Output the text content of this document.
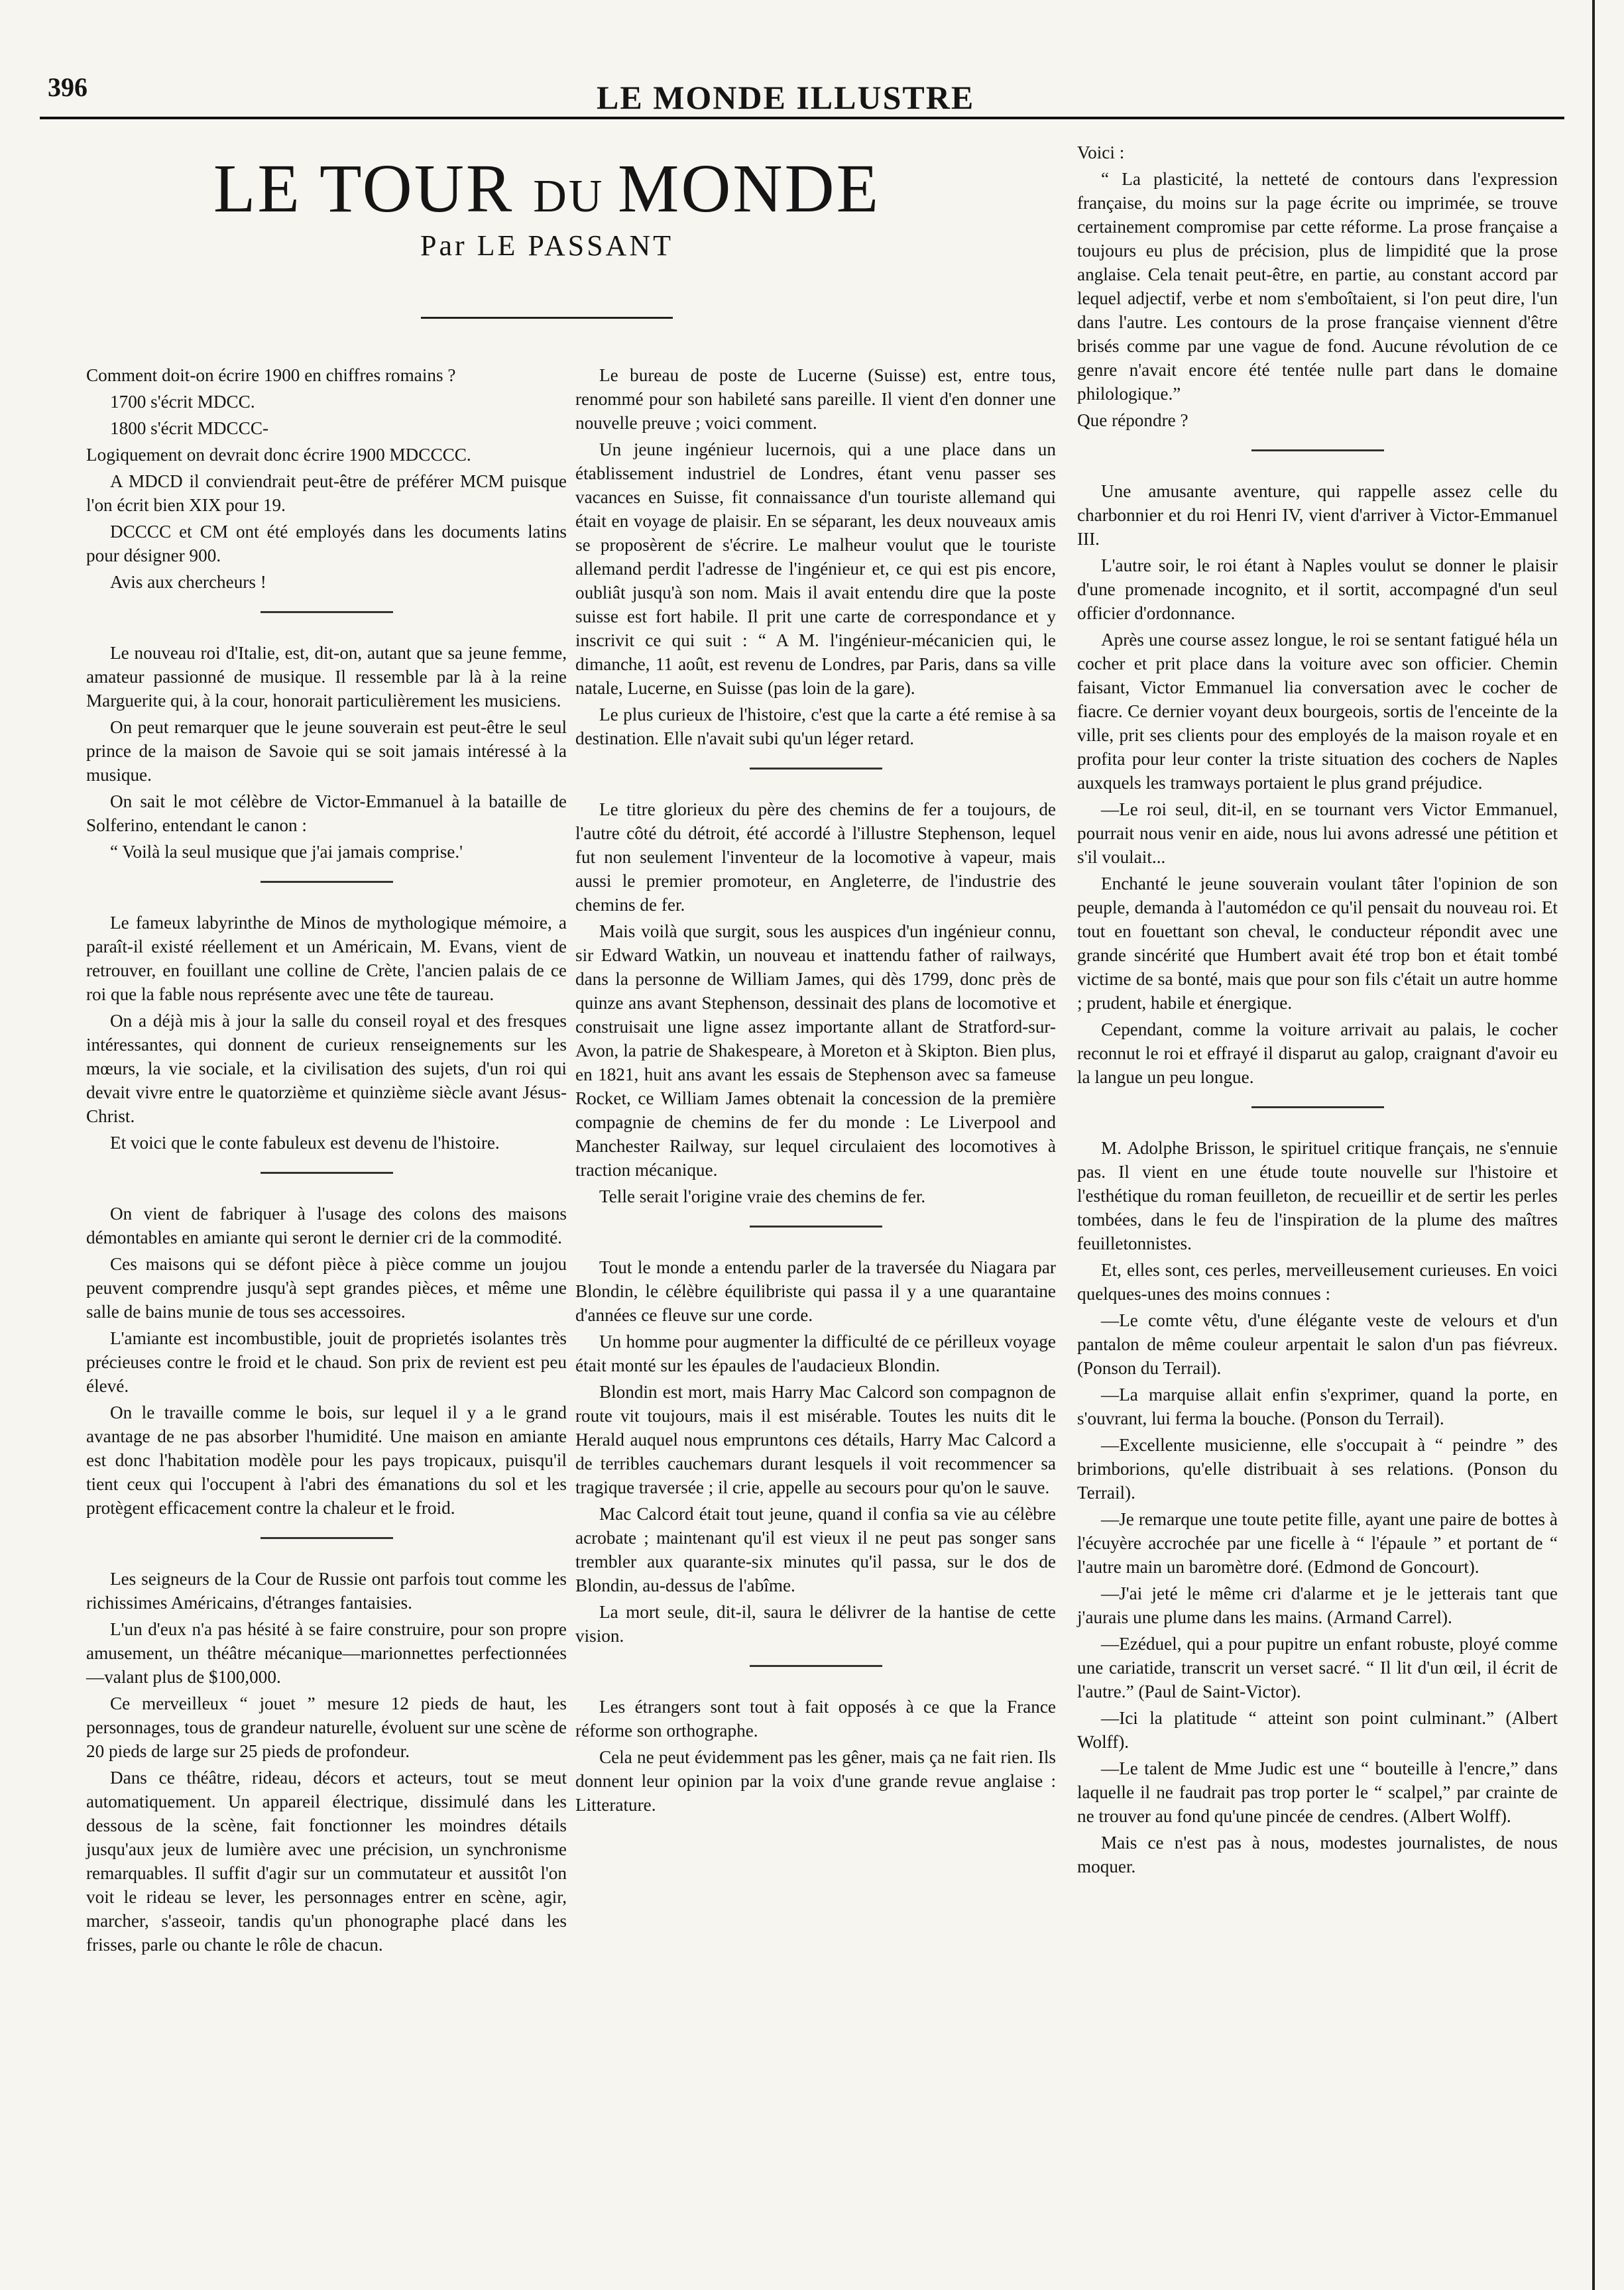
396	LE MONDE ILLUSTRE
LE TOUR DU MONDE
Par LE PASSANT

Comment doit-on écrire 1900 en chiffres romains ?

1700 s'écrit MDCC.

1800 s'écrit MDCCC-

Logiquement on devrait donc écrire 1900 MDCCCC.

A MDCD il conviendrait peut-être de préférer MCM puisque l'on écrit bien XIX pour 19.

DCCCC et CM ont été employés dans les documents latins pour désigner 900.

Avis aux chercheurs !

Le nouveau roi d'Italie, est, dit-on, autant que sa jeune femme, amateur passionné de musique. Il ressemble par là à la reine Marguerite qui, à la cour, honorait particulièrement les musiciens.

On peut remarquer que le jeune souverain est peut-être le seul prince de la maison de Savoie qui se soit jamais intéressé à la musique.

On sait le mot célèbre de Victor-Emmanuel à la bataille de Solferino, entendant le canon :

“ Voilà la seul musique que j'ai jamais comprise.'

Le fameux labyrinthe de Minos de mythologique mémoire, a paraît-il existé réellement et un Américain, M. Evans, vient de retrouver, en fouillant une colline de Crète, l'ancien palais de ce roi que la fable nous représente avec une tête de taureau.

On a déjà mis à jour la salle du conseil royal et des fresques intéressantes, qui donnent de curieux renseignements sur les mœurs, la vie sociale, et la civilisation des sujets, d'un roi qui devait vivre entre le quatorzième et quinzième siècle avant Jésus-Christ.

Et voici que le conte fabuleux est devenu de l'histoire.

On vient de fabriquer à l'usage des colons des maisons démontables en amiante qui seront le dernier cri de la commodité.

Ces maisons qui se défont pièce à pièce comme un joujou peuvent comprendre jusqu'à sept grandes pièces, et même une salle de bains munie de tous ses accessoires.

L'amiante est incombustible, jouit de proprietés isolantes très précieuses contre le froid et le chaud. Son prix de revient est peu élevé.

On le travaille comme le bois, sur lequel il y a le grand avantage de ne pas absorber l'humidité. Une maison en amiante est donc l'habitation modèle pour les pays tropicaux, puisqu'il tient ceux qui l'occupent à l'abri des émanations du sol et les protègent efficacement contre la chaleur et le froid.

Les seigneurs de la Cour de Russie ont parfois tout comme les richissimes Américains, d'étranges fantaisies.

L'un d'eux n'a pas hésité à se faire construire, pour son propre amusement, un théâtre mécanique—marionnettes perfectionnées—valant plus de $100,000.

Ce merveilleux “ jouet ” mesure 12 pieds de haut, les personnages, tous de grandeur naturelle, évoluent sur une scène de 20 pieds de large sur 25 pieds de profondeur.

Dans ce théâtre, rideau, décors et acteurs, tout se meut automatiquement. Un appareil électrique, dissimulé dans les dessous de la scène, fait fonctionner les moindres détails jusqu'aux jeux de lumière avec une précision, un synchronisme remarquables. Il suffit d'agir sur un commutateur et aussitôt l'on voit le rideau se lever, les personnages entrer en scène, agir, marcher, s'asseoir, tandis qu'un phonographe placé dans les frisses, parle ou chante le rôle de chacun.

Le bureau de poste de Lucerne (Suisse) est, entre tous, renommé pour son habileté sans pareille. Il vient d'en donner une nouvelle preuve ; voici comment.

Un jeune ingénieur lucernois, qui a une place dans un établissement industriel de Londres, étant venu passer ses vacances en Suisse, fit connaissance d'un touriste allemand qui était en voyage de plaisir. En se séparant, les deux nouveaux amis se proposèrent de s'écrire. Le malheur voulut que le touriste allemand perdit l'adresse de l'ingénieur et, ce qui est pis encore, oubliât jusqu'à son nom. Mais il avait entendu dire que la poste suisse est fort habile. Il prit une carte de correspondance et y inscrivit ce qui suit : “ A M. l'ingénieur-mécanicien qui, le dimanche, 11 août, est revenu de Londres, par Paris, dans sa ville natale, Lucerne, en Suisse (pas loin de la gare).

Le plus curieux de l'histoire, c'est que la carte a été remise à sa destination. Elle n'avait subi qu'un léger retard.

Le titre glorieux du père des chemins de fer a toujours, de l'autre côté du détroit, été accordé à l'illustre Stephenson, lequel fut non seulement l'inventeur de la locomotive à vapeur, mais aussi le premier promoteur, en Angleterre, de l'industrie des chemins de fer.

Mais voilà que surgit, sous les auspices d'un ingénieur connu, sir Edward Watkin, un nouveau et inattendu father of railways, dans la personne de William James, qui dès 1799, donc près de quinze ans avant Stephenson, dessinait des plans de locomotive et construisait une ligne assez importante allant de Stratford-sur-Avon, la patrie de Shakespeare, à Moreton et à Skipton. Bien plus, en 1821, huit ans avant les essais de Stephenson avec sa fameuse Rocket, ce William James obtenait la concession de la première compagnie de chemins de fer du monde : Le Liverpool and Manchester Railway, sur lequel circulaient des locomotives à traction mécanique.

Telle serait l'origine vraie des chemins de fer.

Tout le monde a entendu parler de la traversée du Niagara par Blondin, le célèbre équilibriste qui passa il y a une quarantaine d'années ce fleuve sur une corde.

Un homme pour augmenter la difficulté de ce périlleux voyage était monté sur les épaules de l'audacieux Blondin.

Blondin est mort, mais Harry Mac Calcord son compagnon de route vit toujours, mais il est misérable. Toutes les nuits dit le Herald auquel nous empruntons ces détails, Harry Mac Calcord a de terribles cauchemars durant lesquels il voit recommencer sa tragique traversée ; il crie, appelle au secours pour qu'on le sauve.

Mac Calcord était tout jeune, quand il confia sa vie au célèbre acrobate ; maintenant qu'il est vieux il ne peut pas songer sans trembler aux quarante-six minutes qu'il passa, sur le dos de Blondin, au-dessus de l'abîme.

La mort seule, dit-il, saura le délivrer de la hantise de cette vision.

Les étrangers sont tout à fait opposés à ce que la France réforme son orthographe.

Cela ne peut évidemment pas les gêner, mais ça ne fait rien. Ils donnent leur opinion par la voix d'une grande revue anglaise : Litterature.

Voici :

“ La plasticité, la netteté de contours dans l'expression française, du moins sur la page écrite ou imprimée, se trouve certainement compromise par cette réforme. La prose française a toujours eu plus de précision, plus de limpidité que la prose anglaise. Cela tenait peut-être, en partie, au constant accord par lequel adjectif, verbe et nom s'emboîtaient, si l'on peut dire, l'un dans l'autre. Les contours de la prose française viennent d'être brisés comme par une vague de fond. Aucune révolution de ce genre n'avait encore été tentée nulle part dans le domaine philologique.”

Que répondre ?

Une amusante aventure, qui rappelle assez celle du charbonnier et du roi Henri IV, vient d'arriver à Victor-Emmanuel III.

L'autre soir, le roi étant à Naples voulut se donner le plaisir d'une promenade incognito, et il sortit, accompagné d'un seul officier d'ordonnance.

Après une course assez longue, le roi se sentant fatigué héla un cocher et prit place dans la voiture avec son officier. Chemin faisant, Victor Emmanuel lia conversation avec le cocher de fiacre. Ce dernier voyant deux bourgeois, sortis de l'enceinte de la ville, prit ses clients pour des employés de la maison royale et en profita pour leur conter la triste situation des cochers de Naples auxquels les tramways portaient le plus grand préjudice.

—Le roi seul, dit-il, en se tournant vers Victor Emmanuel, pourrait nous venir en aide, nous lui avons adressé une pétition et s'il voulait...

Enchanté le jeune souverain voulant tâter l'opinion de son peuple, demanda à l'automédon ce qu'il pensait du nouveau roi. Et tout en fouettant son cheval, le conducteur répondit avec une grande sincérité que Humbert avait été trop bon et était tombé victime de sa bonté, mais que pour son fils c'était un autre homme ; prudent, habile et énergique.

Cependant, comme la voiture arrivait au palais, le cocher reconnut le roi et effrayé il disparut au galop, craignant d'avoir eu la langue un peu longue.

M. Adolphe Brisson, le spirituel critique français, ne s'ennuie pas. Il vient en une étude toute nouvelle sur l'histoire et l'esthétique du roman feuilleton, de recueillir et de sertir les perles tombées, dans le feu de l'inspiration de la plume des maîtres feuilletonnistes.

Et, elles sont, ces perles, merveilleusement curieuses. En voici quelques-unes des moins connues :

—Le comte vêtu, d'une élégante veste de velours et d'un pantalon de même couleur arpentait le salon d'un pas fiévreux. (Ponson du Terrail).

—La marquise allait enfin s'exprimer, quand la porte, en s'ouvrant, lui ferma la bouche. (Ponson du Terrail).

—Excellente musicienne, elle s'occupait à “ peindre ” des brimborions, qu'elle distribuait à ses relations. (Ponson du Terrail).

—Je remarque une toute petite fille, ayant une paire de bottes à l'écuyère accrochée par une ficelle à “ l'épaule ” et portant de “ l'autre main un baromètre doré. (Edmond de Goncourt).

—J'ai jeté le même cri d'alarme et je le jetterais tant que j'aurais une plume dans les mains. (Armand Carrel).

—Ezéduel, qui a pour pupitre un enfant robuste, ployé comme une cariatide, transcrit un verset sacré. “ Il lit d'un œil, il écrit de l'autre.” (Paul de Saint-Victor).

—Ici la platitude “ atteint son point culminant.” (Albert Wolff).

—Le talent de Mme Judic est une “ bouteille à l'encre,” dans laquelle il ne faudrait pas trop porter le “ scalpel,” par crainte de ne trouver au fond qu'une pincée de cendres. (Albert Wolff).

Mais ce n'est pas à nous, modestes journalistes, de nous moquer.
